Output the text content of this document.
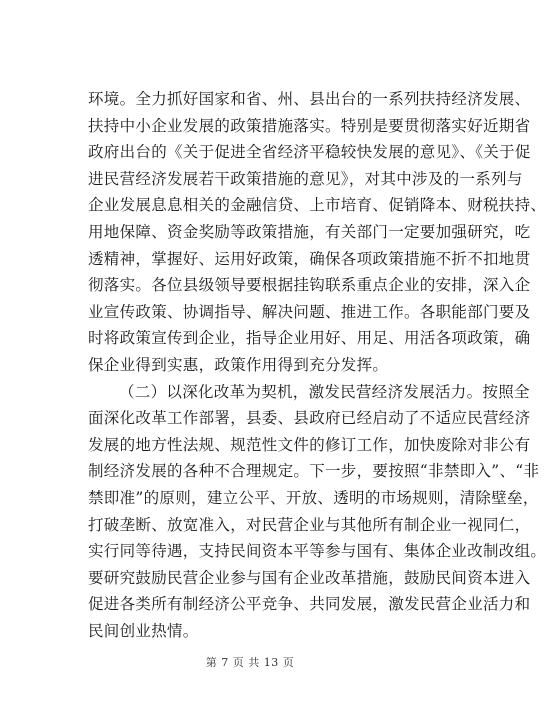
环境。全力抓好国家和省、州、县出台的一系列扶持经济发展、
扶持中小企业发展的政策措施落实。特别是要贯彻落实好近期省
政府出台的《关于促进全省经济平稳较快发展的意见》、《关于促
进民营经济发展若干政策措施的意见》，对其中涉及的一系列与
企业发展息息相关的金融信贷、上市培育、促销降本、财税扶持、
用地保障、资金奖励等政策措施，有关部门一定要加强研究，吃
透精神，掌握好、运用好政策，确保各项政策措施不折不扣地贯
彻落实。各位县级领导要根据挂钩联系重点企业的安排，深入企
业宣传政策、协调指导、解决问题、推进工作。各职能部门要及
时将政策宣传到企业，指导企业用好、用足、用活各项政策，确
保企业得到实惠，政策作用得到充分发挥。
（二）以深化改革为契机，激发民营经济发展活力。按照全
面深化改革工作部署，县委、县政府已经启动了不适应民营经济
发展的地方性法规、规范性文件的修订工作，加快废除对非公有
制经济发展的各种不合理规定。下一步，要按照“非禁即入”、“非
禁即准”的原则，建立公平、开放、透明的市场规则，清除壁垒，
打破垄断、放宽准入，对民营企业与其他所有制企业一视同仁，
实行同等待遇，支持民间资本平等参与国有、集体企业改制改组。
要研究鼓励民营企业参与国有企业改革措施，鼓励民间资本进入
促进各类所有制经济公平竞争、共同发展，激发民营企业活力和
民间创业热情。
第 7 页 共 13 页
